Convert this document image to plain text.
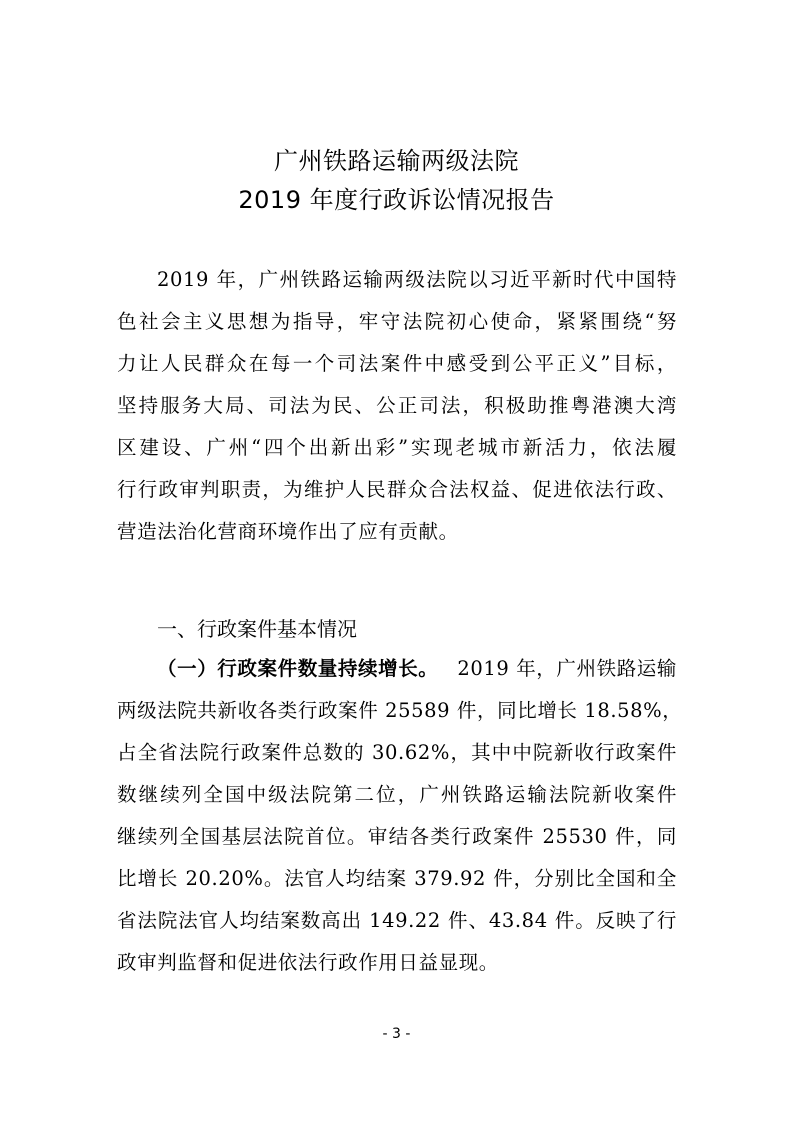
广州铁路运输两级法院
2019 年度行政诉讼情况报告
2019 年，广州铁路运输两级法院以习近平新时代中国特
色社会主义思想为指导，牢守法院初心使命，紧紧围绕“努
力让人民群众在每一个司法案件中感受到公平正义”目标，
坚持服务大局、司法为民、公正司法，积极助推粤港澳大湾
区建设、广州“四个出新出彩”实现老城市新活力，依法履
行行政审判职责，为维护人民群众合法权益、促进依法行政、
营造法治化营商环境作出了应有贡献。
一、行政案件基本情况
（一）行政案件数量持续增长。 2019 年，广州铁路运输
两级法院共新收各类行政案件 25589 件，同比增长 18.58%，
占全省法院行政案件总数的 30.62%，其中中院新收行政案件
数继续列全国中级法院第二位，广州铁路运输法院新收案件
继续列全国基层法院首位。审结各类行政案件 25530 件，同
比增长 20.20%。法官人均结案 379.92 件，分别比全国和全
省法院法官人均结案数高出 149.22 件、43.84 件。反映了行
政审判监督和促进依法行政作用日益显现。
- 3 -
